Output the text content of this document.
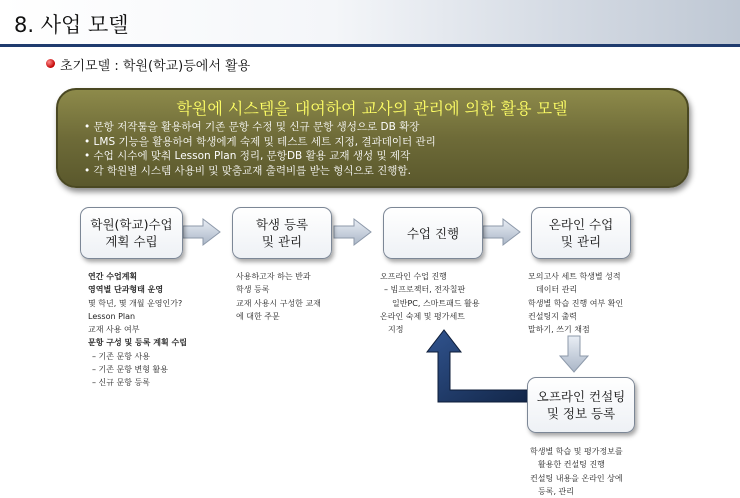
8. 사업 모델
초기모델 : 학원(학교)등에서 활용
학원에 시스템을 대여하여 교사의 관리에 의한 활용 모델
• 문항 저작툴을 활용하여 기존 문항 수정 및 신규 문항 생성으로 DB 확장
• LMS 기능을 활용하여 학생에게 숙제 및 테스트 세트 지정, 결과데이터 관리
• 수업 시수에 맞춰 Lesson Plan 정리, 문항DB 활용 교재 생성 및 제작
• 각 학원별 시스템 사용비 및 맞춤교재 출력비를 받는 형식으로 진행함.
학원(학교)수업
계획 수립
학생 등록
및 관리
수업 진행
온라인 수업
및 관리
오프라인 컨설팅
및 정보 등록
연간 수업계획
영역별 단과형태 운영
몇 학년, 몇 개월 운영인가?
Lesson Plan
교재 사용 여부
문항 구성 및 등록 계획 수립
– 기존 문항 사용
– 기존 문항 변형 활용
– 신규 문항 등록
사용하고자 하는 반과
학생 등록
교재 사용시 구성한 교재
에 대한 주문
오프라인 수업 진행
– 빔프로젝터, 전자칠판
일반PC, 스마트패드 활용
온라인 숙제 및 평가세트
지정
모의고사 세트 학생별 성적
데이터 관리
학생별 학습 진행 여부 확인
컨설팅지 출력
말하기, 쓰기 채점
학생별 학습 및 평가정보를
활용한 컨설팅 진행
컨설팅 내용을 온라인 상에
등록, 관리
